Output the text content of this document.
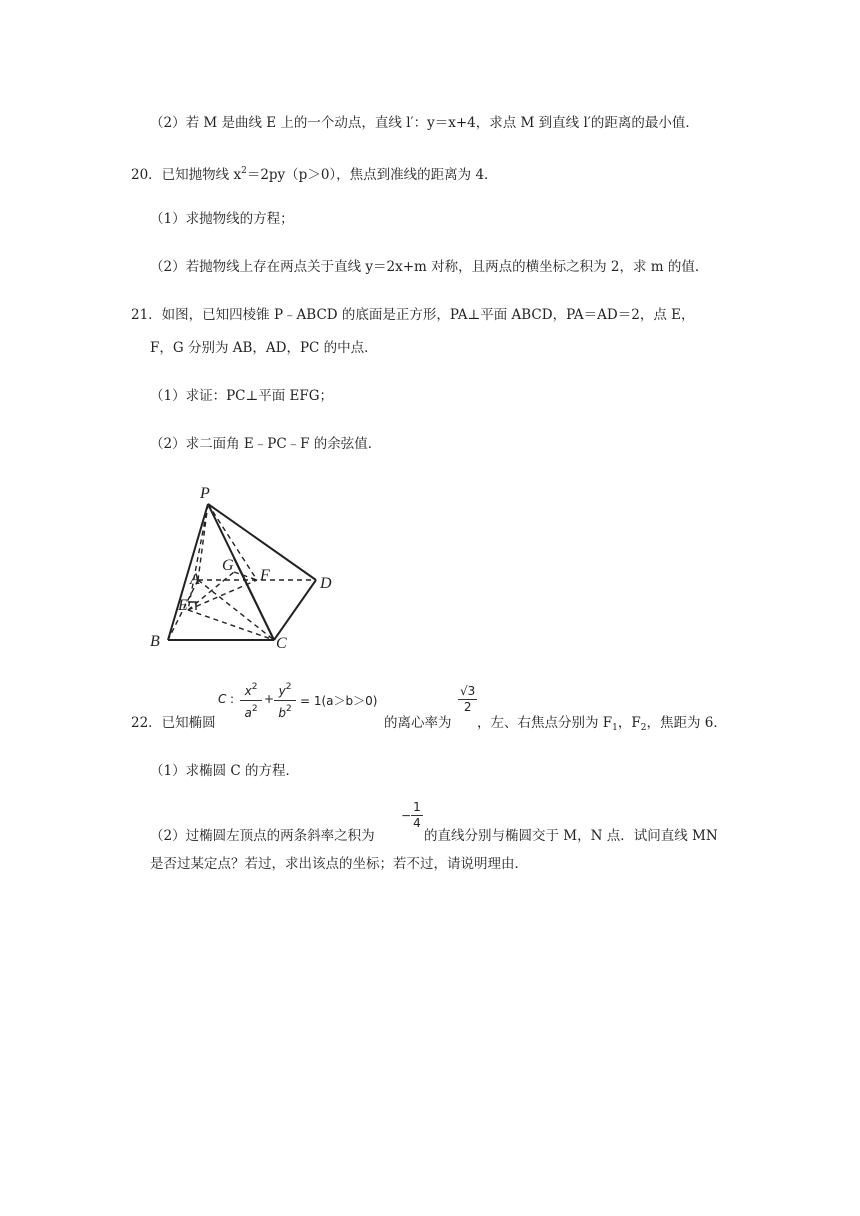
（2）若 M 是曲线 E 上的一个动点，直线 l′：y＝x+4，求点 M 到直线 l′的距离的最小值．
20．已知抛物线 $x^2=2py(p>0)$，焦点到准线的距离为 4．
（1）求抛物线的方程；
（2）若抛物线上存在两点关于直线 y＝2x+m 对称，且两点的横坐标之积为 2，求 m 的值．
21．如图，已知四棱锥 P﹣ABCD 的底面是正方形，PA⊥平面 ABCD，PA＝AD＝2，点 E，
F，G 分别为 AB，AD，PC 的中点．
（1）求证：PC⊥平面 EFG；
（2）求二面角 E﹣PC﹣F 的余弦值．
P
A
B	C
D
E
F
G
22．已知椭圆
C :
$x^2$
$a^2$
+
$y^2$
$b^2$
= 1(a＞b＞0)
的离心率为
$\frac{√3}{2}$
，左、右焦点分别为 $F_1$，$F_2$，焦距为 6．
（1）求椭圆 C 的方程．
（2）过椭圆左顶点的两条斜率之积为
− $\frac{1}{4}$
的直线分别与椭圆交于 M，N 点．试问直线 MN
是否过某定点？若过，求出该点的坐标；若不过，请说明理由．
